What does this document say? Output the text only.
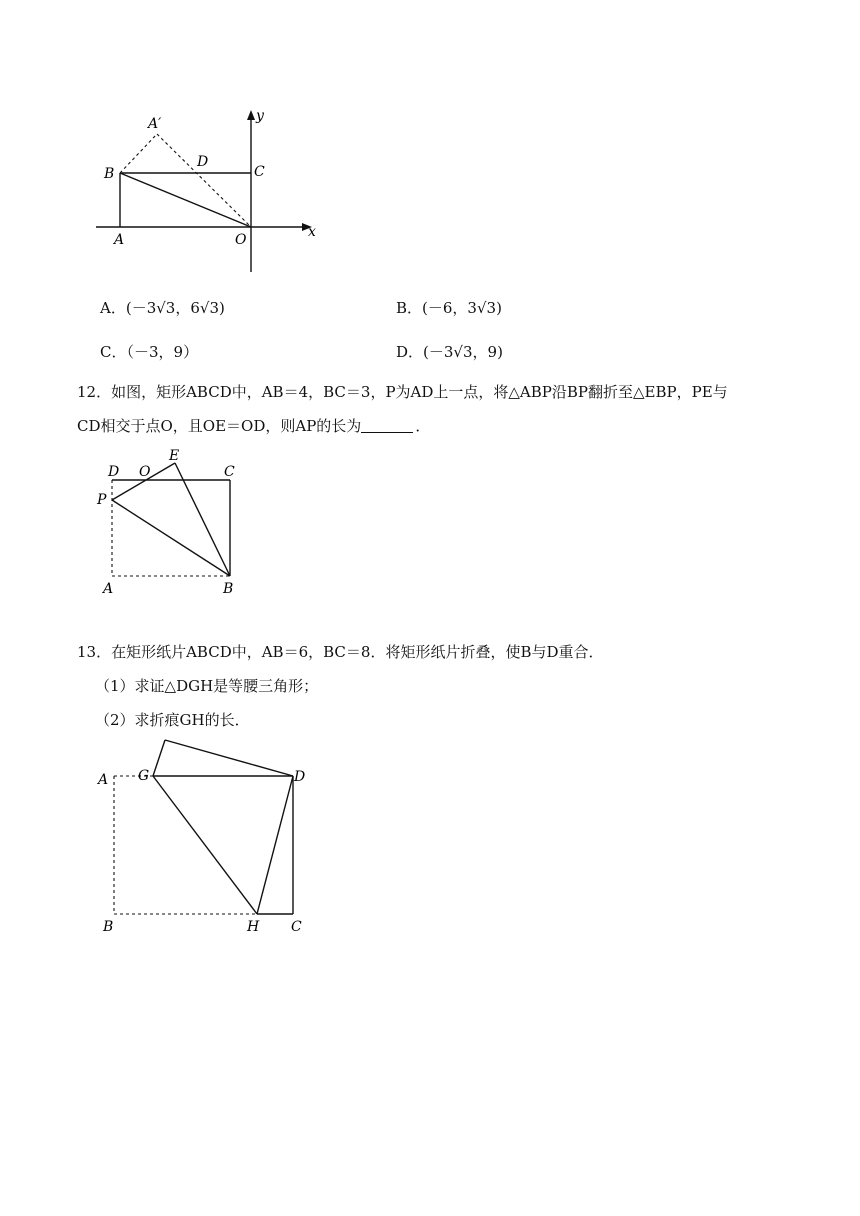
A′	y
B
D
C
A	O	x
A．(－3√3，6√3)	B．(－6，3√3)
C．（－3，9）	D．(－3√3，9)
12．如图，矩形ABCD中，AB＝4，BC＝3，P为AD上一点，将△ABP沿BP翻折至△EBP，PE与
CD相交于点O，且OE＝OD，则AP的长为	．
D O
E
C
P
A	B
13．在矩形纸片ABCD中，AB＝6，BC＝8．将矩形纸片折叠，使B与D重合．
（1）求证△DGH是等腰三角形；
（2）求折痕GH的长．
A G	D
B	H C
